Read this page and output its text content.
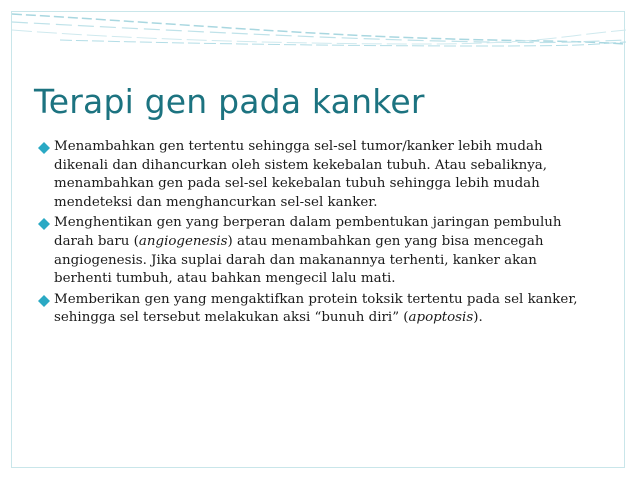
Terapi gen pada kanker
Menambahkan gen tertentu sehingga sel-sel tumor/kanker lebih mudah
dikenali dan dihancurkan oleh sistem kekebalan tubuh. Atau sebaliknya,
menambahkan gen pada sel-sel kekebalan tubuh sehingga lebih mudah
mendeteksi dan menghancurkan sel-sel kanker.
Menghentikan gen yang berperan dalam pembentukan jaringan pembuluh
darah baru (angiogenesis) atau menambahkan gen yang bisa mencegah
angiogenesis. Jika suplai darah dan makanannya terhenti, kanker akan
berhenti tumbuh, atau bahkan mengecil lalu mati.
Memberikan gen yang mengaktifkan protein toksik tertentu pada sel kanker,
sehingga sel tersebut melakukan aksi “bunuh diri” (apoptosis).
